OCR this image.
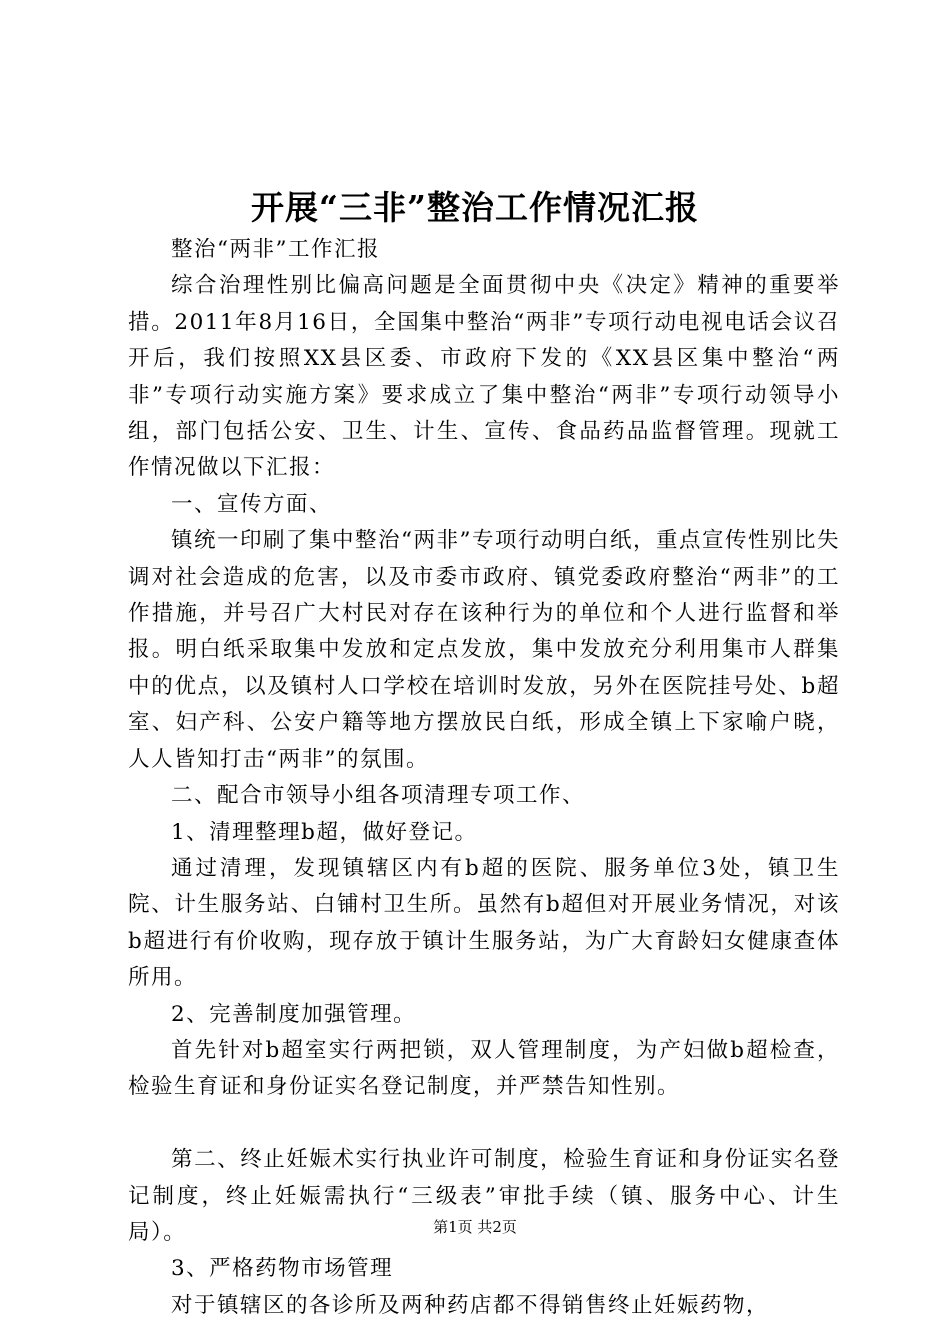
开展“三非”整治工作情况汇报

整治“两非”工作汇报

综合治理性别比偏高问题是全面贯彻中央《决定》精神的重要举措。2011年8月16日，全国集中整治“两非”专项行动电视电话会议召开后，我们按照XX县区委、市政府下发的《XX县区集中整治“两非”专项行动实施方案》要求成立了集中整治“两非”专项行动领导小组，部门包括公安、卫生、计生、宣传、食品药品监督管理。现就工作情况做以下汇报：

一、宣传方面、

镇统一印刷了集中整治“两非”专项行动明白纸，重点宣传性别比失调对社会造成的危害，以及市委市政府、镇党委政府整治“两非”的工作措施，并号召广大村民对存在该种行为的单位和个人进行监督和举报。明白纸采取集中发放和定点发放，集中发放充分利用集市人群集中的优点，以及镇村人口学校在培训时发放，另外在医院挂号处、b超室、妇产科、公安户籍等地方摆放民白纸，形成全镇上下家喻户晓，人人皆知打击“两非”的氛围。

二、配合市领导小组各项清理专项工作、

1、清理整理b超，做好登记。

通过清理，发现镇辖区内有b超的医院、服务单位3处，镇卫生院、计生服务站、白铺村卫生所。虽然有b超但对开展业务情况，对该b超进行有价收购，现存放于镇计生服务站，为广大育龄妇女健康查体所用。

2、完善制度加强管理。

首先针对b超室实行两把锁，双人管理制度，为产妇做b超检查，检验生育证和身份证实名登记制度，并严禁告知性别。

第二、终止妊娠术实行执业许可制度，检验生育证和身份证实名登记制度，终止妊娠需执行“三级表”审批手续（镇、服务中心、计生局）。

3、严格药物市场管理

对于镇辖区的各诊所及两种药店都不得销售终止妊娠药物，

第1页 共2页
